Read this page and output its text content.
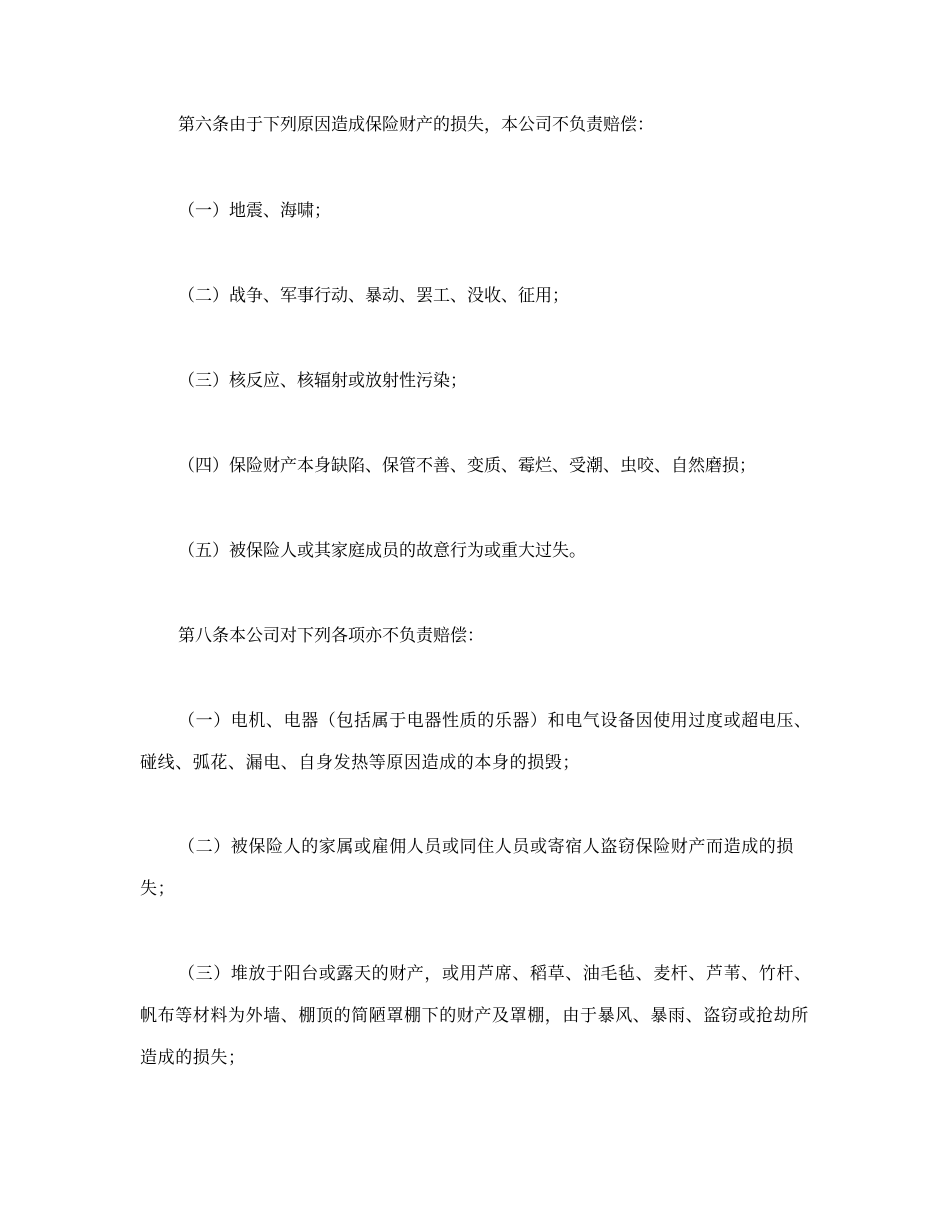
第六条由于下列原因造成保险财产的损失，本公司不负责赔偿：
（一）地震、海啸；
（二）战争、军事行动、暴动、罢工、没收、征用；
（三）核反应、核辐射或放射性污染；
（四）保险财产本身缺陷、保管不善、变质、霉烂、受潮、虫咬、自然磨损；
（五）被保险人或其家庭成员的故意行为或重大过失。
第八条本公司对下列各项亦不负责赔偿：
（一）电机、电器（包括属于电器性质的乐器）和电气设备因使用过度或超电压、碰线、弧花、漏电、自身发热等原因造成的本身的损毁；
（二）被保险人的家属或雇佣人员或同住人员或寄宿人盗窃保险财产而造成的损失；
（三）堆放于阳台或露天的财产，或用芦席、稻草、油毛毡、麦杆、芦苇、竹杆、帆布等材料为外墙、棚顶的简陋罩棚下的财产及罩棚，由于暴风、暴雨、盗窃或抢劫所造成的损失；
